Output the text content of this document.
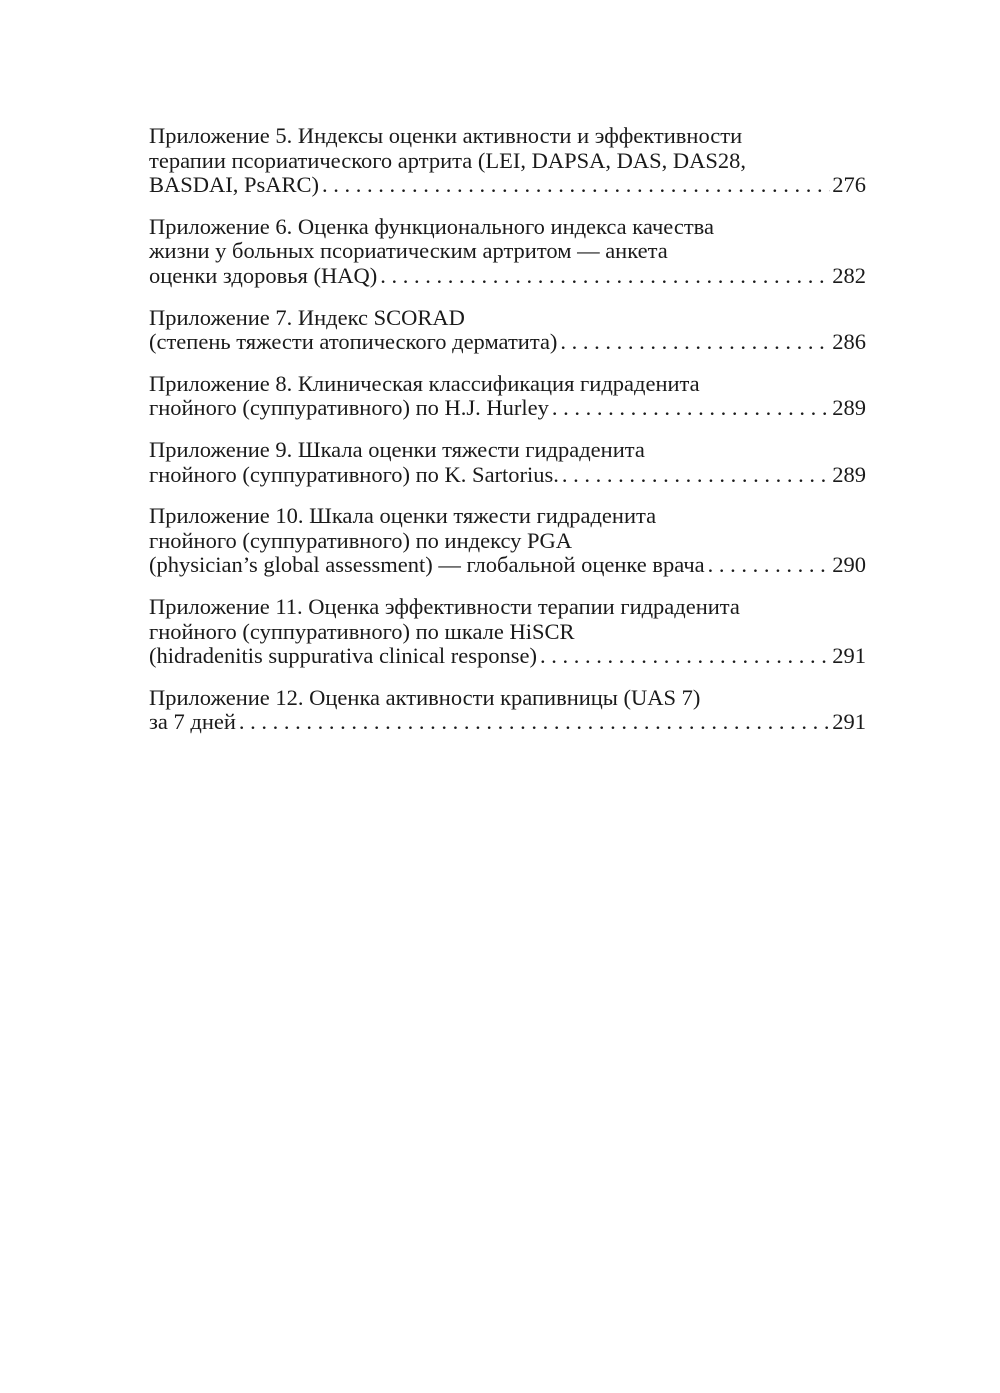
Приложение 5. Индексы оценки активности и эффективности
терапии псориатического артрита (LEI, DAPSA, DAS, DAS28,
BASDAI, PsARC) . . .	276
Приложение 6. Оценка функционального индекса качества
жизни у больных псориатическим артритом — анкета
оценки здоровья (HAQ) . . .	282
Приложение 7. Индекс SCORAD
(степень тяжести атопического дерматита) . . .	286
Приложение 8. Клиническая классификация гидраденита
гнойного (суппуративного) по H.J. Hurley . . .	289
Приложение 9. Шкала оценки тяжести гидраденита
гнойного (суппуративного) по K. Sartorius. . . .	289
Приложение 10. Шкала оценки тяжести гидраденита
гнойного (суппуративного) по индексу PGA
(physician’s global assessment) — глобальной оценке врача . . .	290
Приложение 11. Оценка эффективности терапии гидраденита
гнойного (суппуративного) по шкале HiSCR
(hidradenitis suppurativa clinical response) . . .	291
Приложение 12. Оценка активности крапивницы (UAS 7)
за 7 дней . . .	291
